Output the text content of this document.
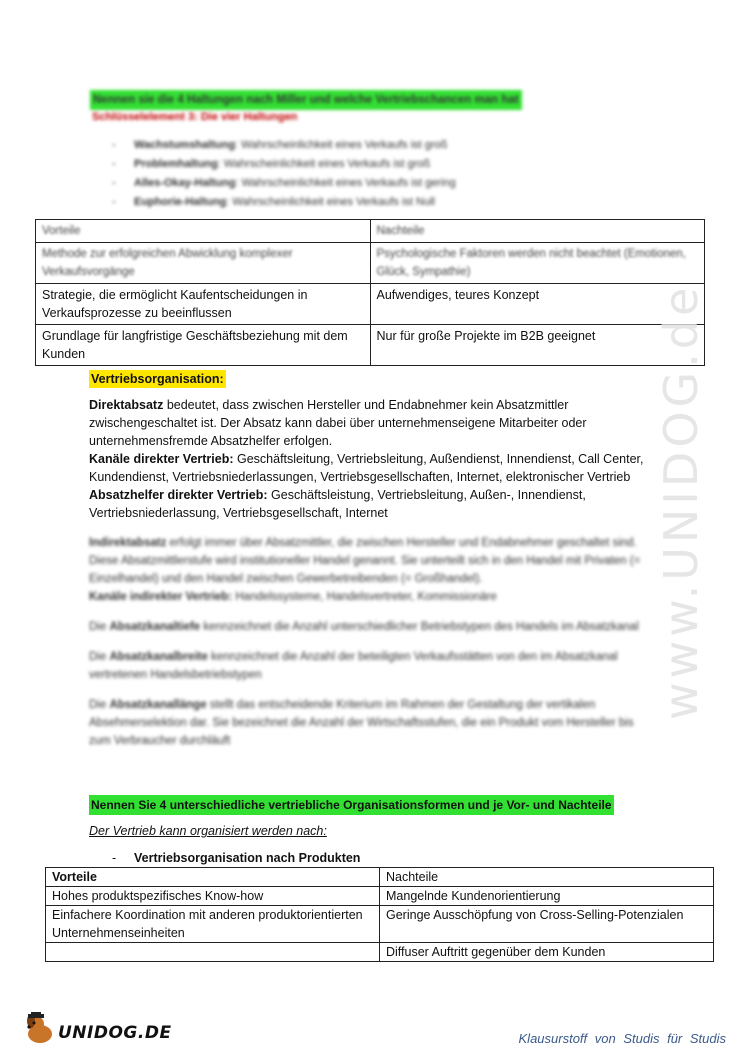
Nennen sie die 4 Haltungen nach Miller und welche Vertriebschancen man hat
Schlüsselelement 3: Die vier Haltungen
- Wachstumshaltung: Wahrscheinlichkeit eines Verkaufs ist groß
- Problemhaltung: Wahrscheinlichkeit eines Verkaufs ist groß
- Alles-Okay-Haltung: Wahrscheinlichkeit eines Verkaufs ist gering
- Euphorie-Haltung: Wahrscheinlichkeit eines Verkaufs ist Null
Vorteile	Nachteile
Methode zur erfolgreichen Abwicklung komplexer Verkaufsvorgänge	Psychologische Faktoren werden nicht beachtet (Emotionen, Glück, Sympathie)
Strategie, die ermöglicht Kaufentscheidungen in Verkaufsprozesse zu beeinflussen	Aufwendiges, teures Konzept
Grundlage für langfristige Geschäftsbeziehung mit dem Kunden	Nur für große Projekte im B2B geeignet
Vertriebsorganisation:

Direktabsatz bedeutet, dass zwischen Hersteller und Endabnehmer kein Absatzmittler zwischengeschaltet ist. Der Absatz kann dabei über unternehmenseigene Mitarbeiter oder unternehmensfremde Absatzhelfer erfolgen.

Kanäle direkter Vertrieb: Geschäftsleitung, Vertriebsleitung, Außendienst, Innendienst, Call Center, Kundendienst, Vertriebsniederlassungen, Vertriebsgesellschaften, Internet, elektronischer Vertrieb

Absatzhelfer direkter Vertrieb: Geschäftsleistung, Vertriebsleitung, Außen-, Innendienst, Vertriebsniederlassung, Vertriebsgesellschaft, Internet

Indirektabsatz erfolgt immer über Absatzmittler, die zwischen Hersteller und Endabnehmer geschaltet sind. Diese Absatzmittlerstufe wird institutioneller Handel genannt. Sie unterteilt sich in den Handel mit Privaten (= Einzelhandel) und den Handel zwischen Gewerbetreibenden (= Großhandel).
Kanäle indirekter Vertrieb: Handelssysteme, Handelsvertreter, Kommissionäre

Die Absatzkanaltiefe kennzeichnet die Anzahl unterschiedlicher Betriebstypen des Handels im Absatzkanal

Die Absatzkanalbreite kennzeichnet die Anzahl der beteiligten Verkaufsstätten von den im Absatzkanal vertretenen Handelsbetriebstypen

Die Absatzkanallänge stellt das entscheidende Kriterium im Rahmen der Gestaltung der vertikalen Absehmerselektion dar. Sie bezeichnet die Anzahl der Wirtschaftsstufen, die ein Produkt vom Hersteller bis zum Verbraucher durchläuft

Nennen Sie 4 unterschiedliche vertriebliche Organisationsformen und je Vor- und Nachteile
Der Vertrieb kann organisiert werden nach:
- Vertriebsorganisation nach Produkten
Vorteile	Nachteile
Hohes produktspezifisches Know-how	Mangelnde Kundenorientierung
Einfachere Koordination mit anderen produktorientierten Unternehmenseinheiten	Geringe Ausschöpfung von Cross-Selling-Potenzialen
	Diffuser Auftritt gegenüber dem Kunden
www.UNIDOG.de
UNIDOG.DE	Klausurstoff von Studis für Studis
